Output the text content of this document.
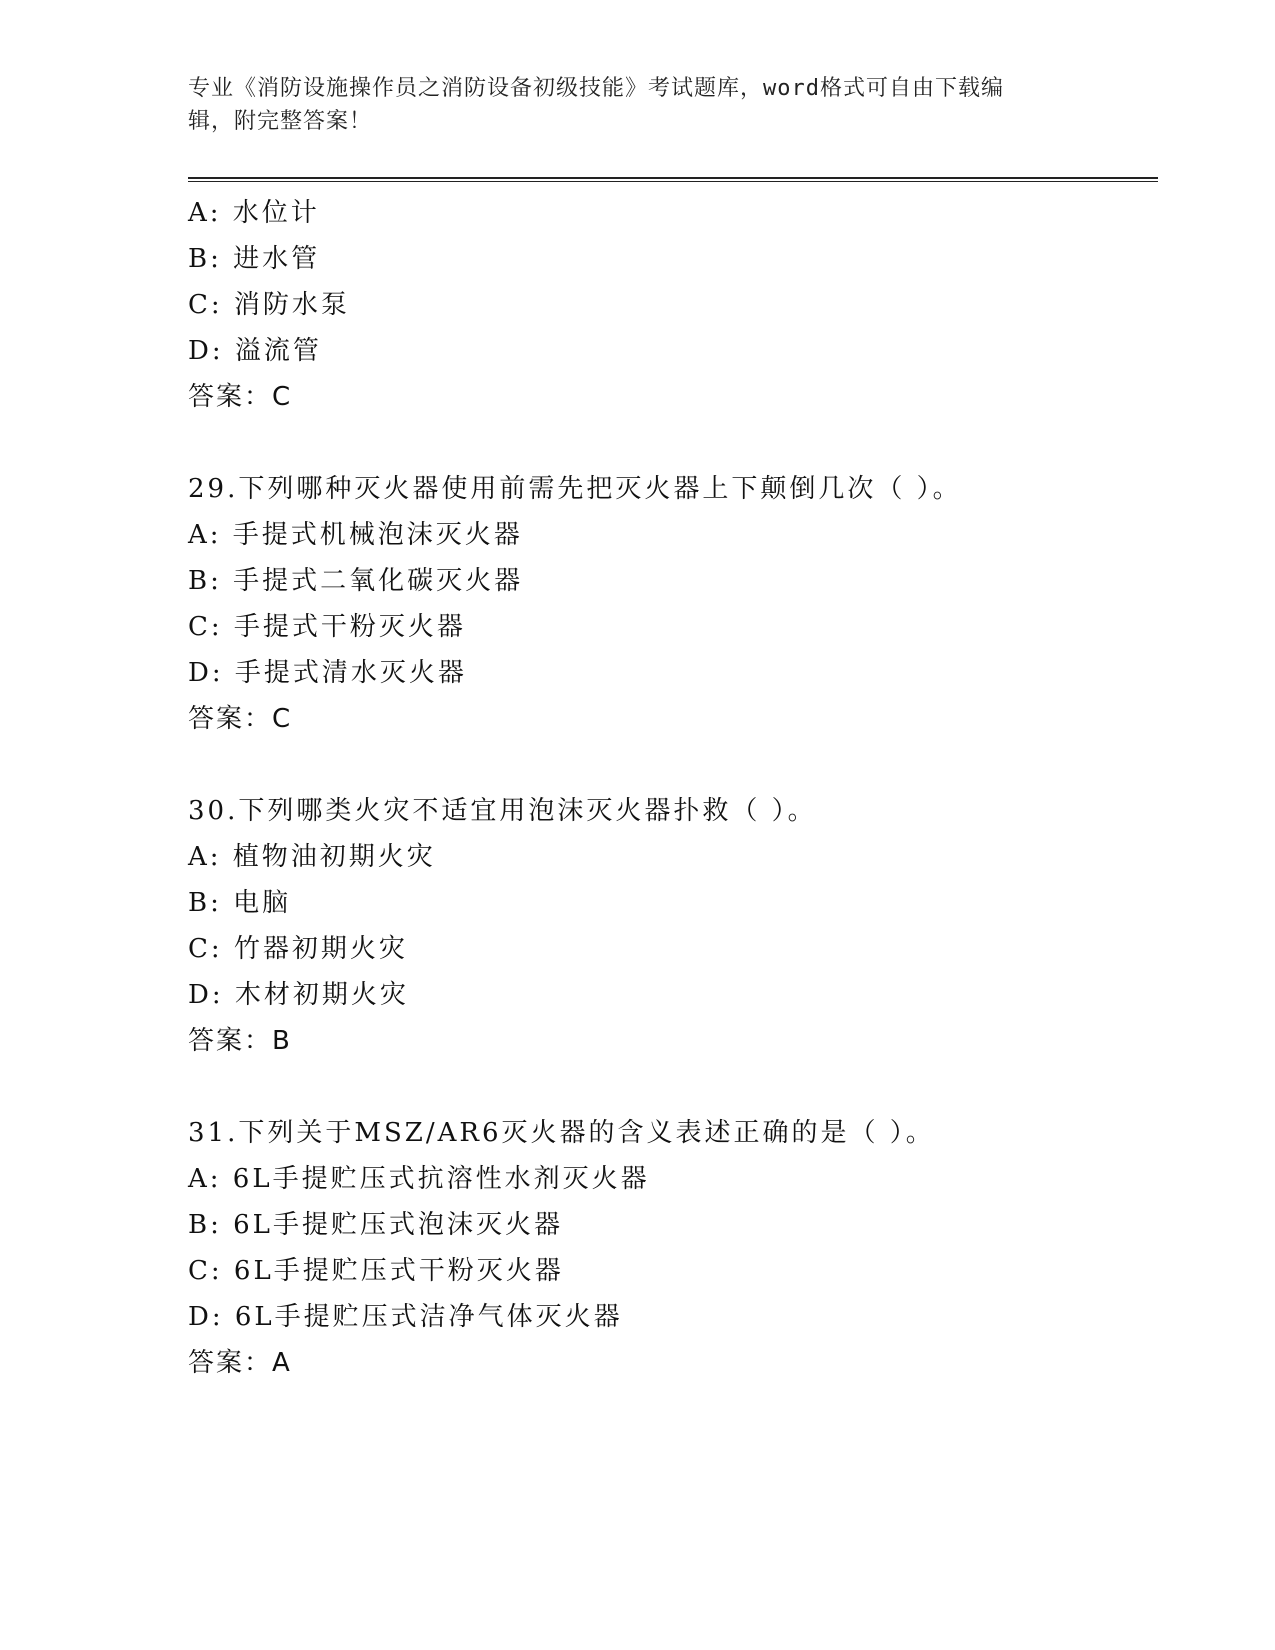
专业《消防设施操作员之消防设备初级技能》考试题库，word格式可自由下载编
辑，附完整答案！
A: 水位计
B: 进水管
C: 消防水泵
D: 溢流管
答案：C
29.下列哪种灭火器使用前需先把灭火器上下颠倒几次（ ）。
A: 手提式机械泡沫灭火器
B: 手提式二氧化碳灭火器
C: 手提式干粉灭火器
D: 手提式清水灭火器
答案：C
30.下列哪类火灾不适宜用泡沫灭火器扑救（ ）。
A: 植物油初期火灾
B: 电脑
C: 竹器初期火灾
D: 木材初期火灾
答案：B
31.下列关于MSZ/AR6灭火器的含义表述正确的是（ ）。
A: 6L手提贮压式抗溶性水剂灭火器
B: 6L手提贮压式泡沫灭火器
C: 6L手提贮压式干粉灭火器
D: 6L手提贮压式洁净气体灭火器
答案：A
